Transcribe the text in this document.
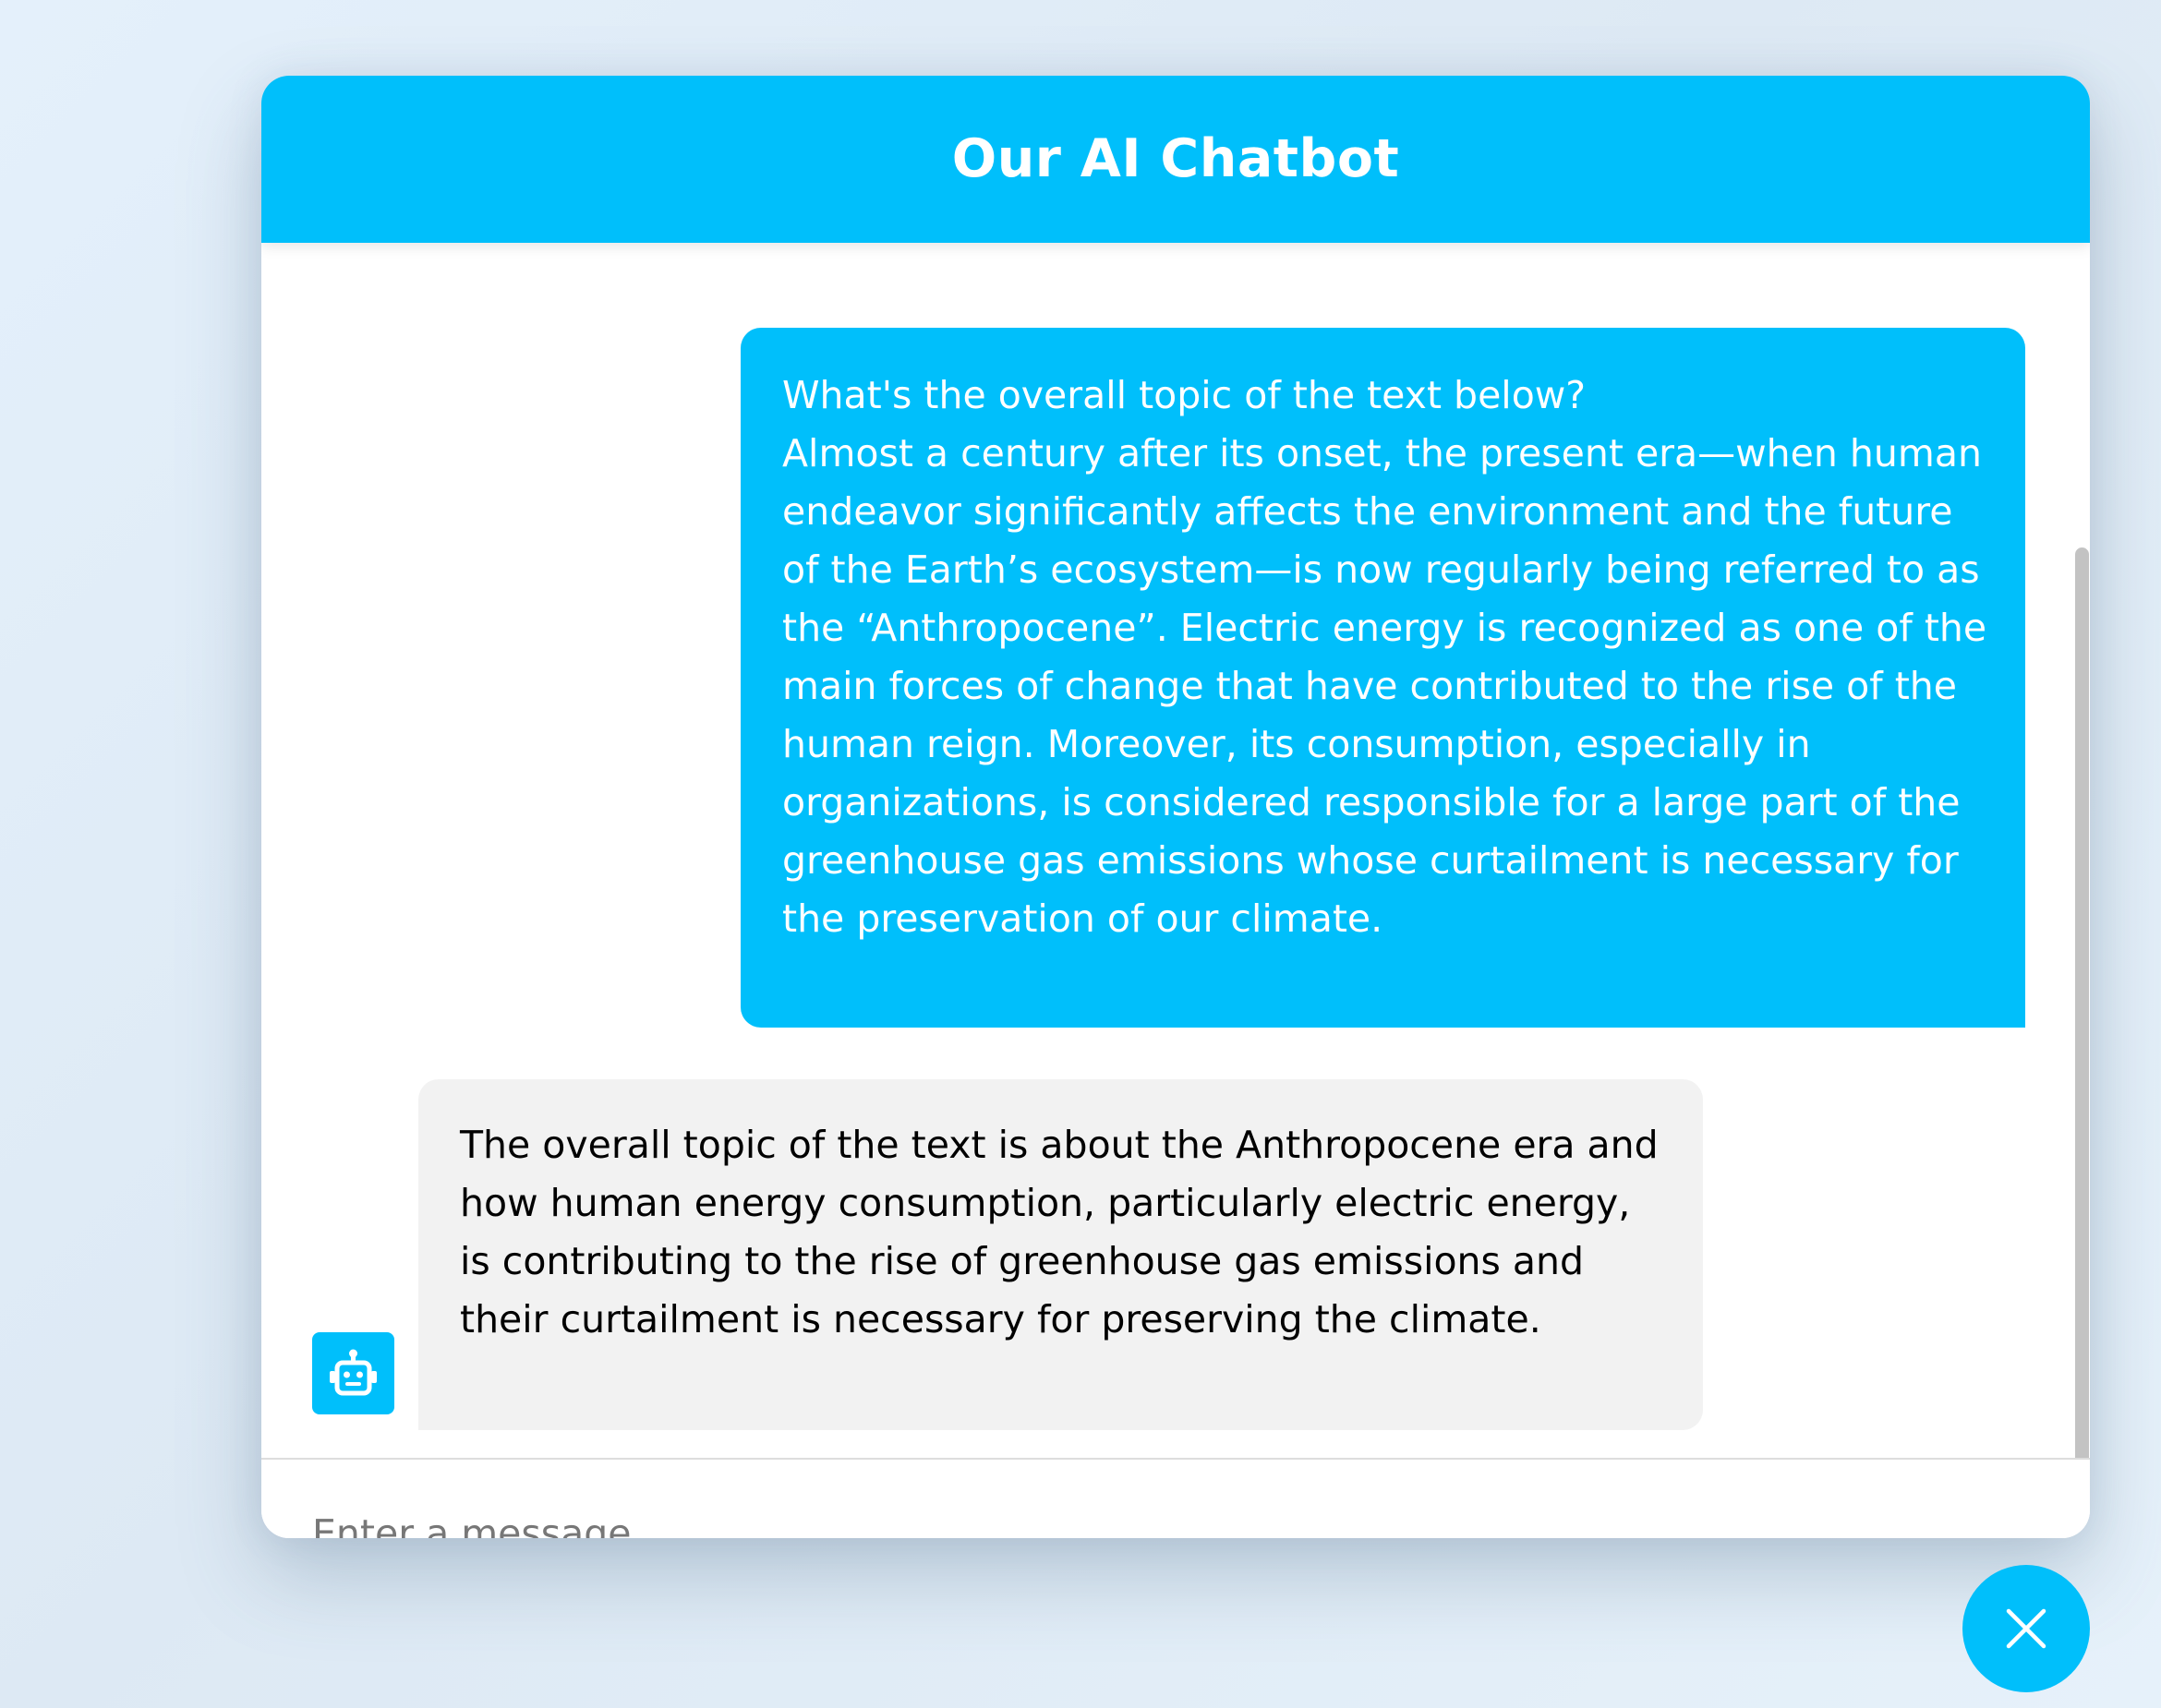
Our AI Chatbot
What's the overall topic of the text below?
Almost a century after its onset, the present era—when human endeavor significantly affects the environment and the future of the Earth’s ecosystem—is now regularly being referred to as the “Anthropocene”. Electric energy is recognized as one of the main forces of change that have contributed to the rise of the human reign. Moreover, its consumption, especially in organizations, is considered responsible for a large part of the greenhouse gas emissions whose curtailment is necessary for the preservation of our climate.
The overall topic of the text is about the Anthropocene era and how human energy consumption, particularly electric energy, is contributing to the rise of greenhouse gas emissions and their curtailment is necessary for preserving the climate.
Enter a message...
